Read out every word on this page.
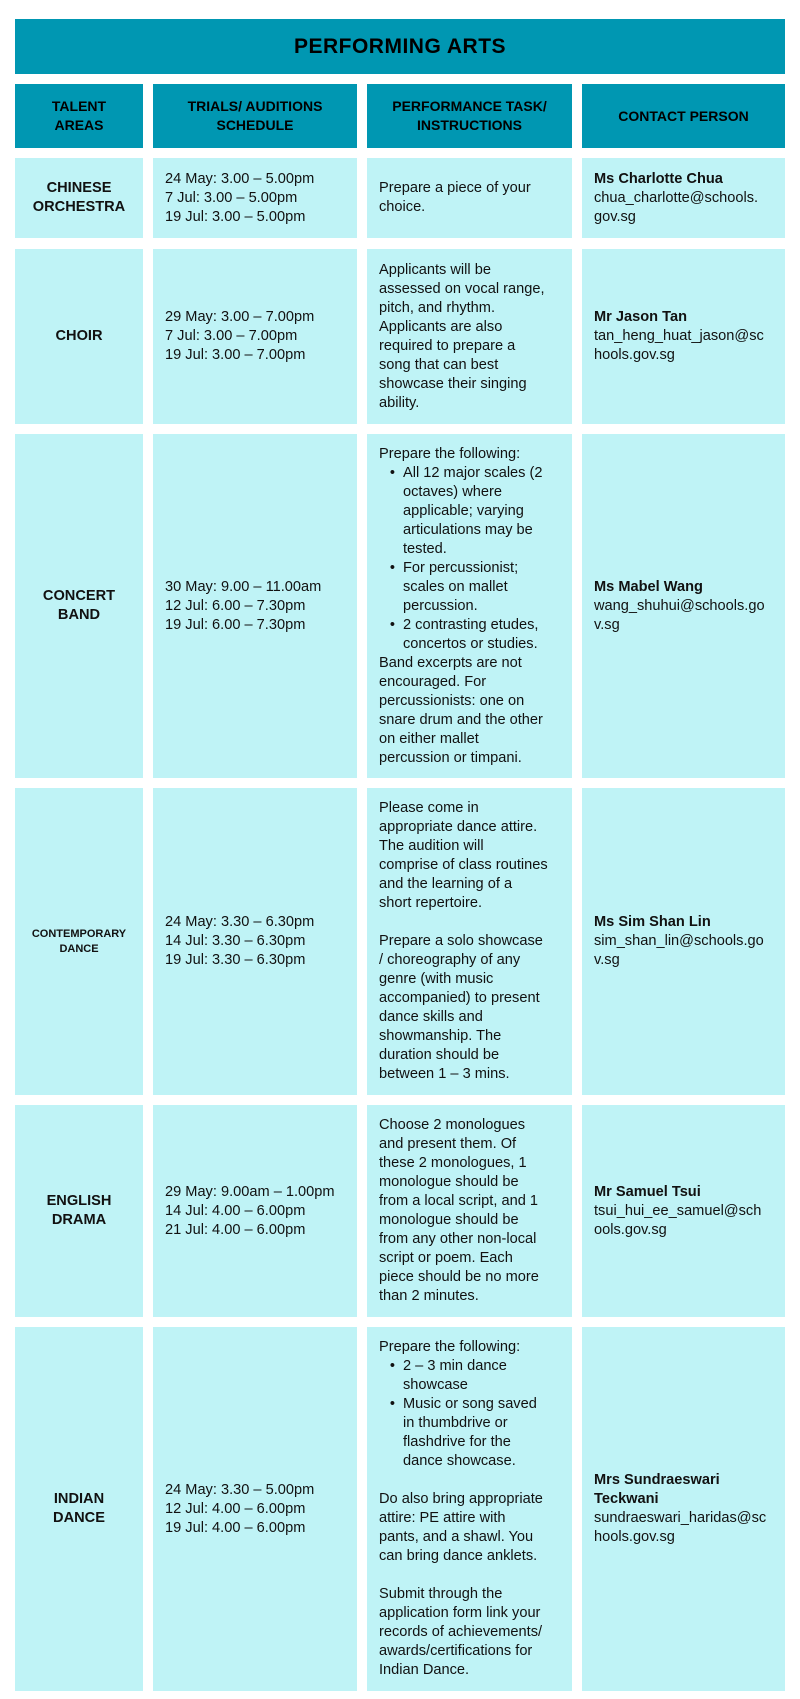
PERFORMING ARTS
TALENT
AREAS
TRIALS/ AUDITIONS
SCHEDULE
PERFORMANCE TASK/
INSTRUCTIONS
CONTACT PERSON
CHINESE
ORCHESTRA
24 May: 3.00 – 5.00pm
7 Jul: 3.00 – 5.00pm
19 Jul: 3.00 – 5.00pm
Prepare a piece of your
choice.
Ms Charlotte Chua
chua_charlotte@schools.
gov.sg
CHOIR
29 May: 3.00 – 7.00pm
7 Jul: 3.00 – 7.00pm
19 Jul: 3.00 – 7.00pm
Applicants will be
assessed on vocal range,
pitch, and rhythm.
Applicants are also
required to prepare a
song that can best
showcase their singing
ability.
Mr Jason Tan
tan_heng_huat_jason@sc
hools.gov.sg
CONCERT
BAND
30 May: 9.00 – 11.00am
12 Jul: 6.00 – 7.30pm
19 Jul: 6.00 – 7.30pm
Prepare the following:
• All 12 major scales (2
octaves) where
applicable; varying
articulations may be
tested.
• For percussionist;
scales on mallet
percussion.
• 2 contrasting etudes,
concertos or studies.
Band excerpts are not
encouraged. For
percussionists: one on
snare drum and the other
on either mallet
percussion or timpani.
Ms Mabel Wang
wang_shuhui@schools.go
v.sg
CONTEMPORARY
DANCE
24 May: 3.30 – 6.30pm
14 Jul: 3.30 – 6.30pm
19 Jul: 3.30 – 6.30pm
Please come in
appropriate dance attire.
The audition will
comprise of class routines
and the learning of a
short repertoire.
Prepare a solo showcase
/ choreography of any
genre (with music
accompanied) to present
dance skills and
showmanship. The
duration should be
between 1 – 3 mins.
Ms Sim Shan Lin
sim_shan_lin@schools.go
v.sg
ENGLISH
DRAMA
29 May: 9.00am – 1.00pm
14 Jul: 4.00 – 6.00pm
21 Jul: 4.00 – 6.00pm
Choose 2 monologues
and present them. Of
these 2 monologues, 1
monologue should be
from a local script, and 1
monologue should be
from any other non-local
script or poem. Each
piece should be no more
than 2 minutes.
Mr Samuel Tsui
tsui_hui_ee_samuel@sch
ools.gov.sg
INDIAN
DANCE
24 May: 3.30 – 5.00pm
12 Jul: 4.00 – 6.00pm
19 Jul: 4.00 – 6.00pm
Prepare the following:
• 2 – 3 min dance
showcase
• Music or song saved
in thumbdrive or
flashdrive for the
dance showcase.
Do also bring appropriate
attire: PE attire with
pants, and a shawl. You
can bring dance anklets.
Submit through the
application form link your
records of achievements/
awards/certifications for
Indian Dance.
Mrs Sundraeswari
Teckwani
sundraeswari_haridas@sc
hools.gov.sg
